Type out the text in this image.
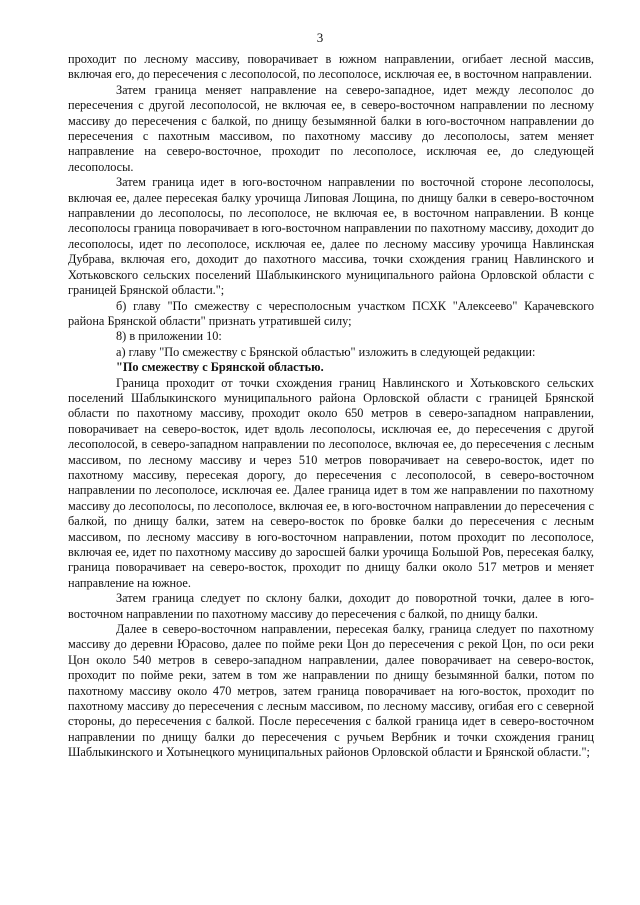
3

проходит по лесному массиву, поворачивает в южном направлении, огибает лесной массив, включая его, до пересечения с лесополосой, по лесополосе, исключая ее, в восточном направлении.

Затем граница меняет направление на северо-западное, идет между лесополос до пересечения с другой лесополосой, не включая ее, в северо-восточном направлении по лесному массиву до пересечения с балкой, по днищу безымянной балки в юго-восточном направлении до пересечения с пахотным массивом, по пахотному массиву до лесополосы, затем меняет направление на северо-восточное, проходит по лесополосе, исключая ее, до следующей лесополосы.

Затем граница идет в юго-восточном направлении по восточной стороне лесополосы, включая ее, далее пересекая балку урочища Липовая Лощина, по днищу балки в северо-восточном направлении до лесополосы, по лесополосе, не включая ее, в восточном направлении. В конце лесополосы граница поворачивает в юго-восточном направлении по пахотному массиву, доходит до лесополосы, идет по лесополосе, исключая ее, далее по лесному массиву урочища Навлинская Дубрава, включая его, доходит до пахотного массива, точки схождения границ Навлинского и Хотьковского сельских поселений Шаблыкинского муниципального района Орловской области с границей Брянской области.";

б) главу "По смежеству с чересполосным участком ПСХК "Алексеево" Карачевского района Брянской области" признать утратившей силу;

8) в приложении 10:

а) главу "По смежеству с Брянской областью" изложить в следующей редакции:

"По смежеству с Брянской областью.

Граница проходит от точки схождения границ Навлинского и Хотьковского сельских поселений Шаблыкинского муниципального района Орловской области с границей Брянской области по пахотному массиву, проходит около 650 метров в северо-западном направлении, поворачивает на северо-восток, идет вдоль лесополосы, исключая ее, до пересечения с другой лесополосой, в северо-западном направлении по лесополосе, включая ее, до пересечения с лесным массивом, по лесному массиву и через 510 метров поворачивает на северо-восток, идет по пахотному массиву, пересекая дорогу, до пересечения с лесополосой, в северо-восточном направлении по лесополосе, исключая ее. Далее граница идет в том же направлении по пахотному массиву до лесополосы, по лесополосе, включая ее, в юго-восточном направлении до пересечения с балкой, по днищу балки, затем на северо-восток по бровке балки до пересечения с лесным массивом, по лесному массиву в юго-восточном направлении, потом проходит по лесополосе, включая ее, идет по пахотному массиву до заросшей балки урочища Большой Ров, пересекая балку, граница поворачивает на северо-восток, проходит по днищу балки около 517 метров и меняет направление на южное.

Затем граница следует по склону балки, доходит до поворотной точки, далее в юго-восточном направлении по пахотному массиву до пересечения с балкой, по днищу балки.

Далее в северо-восточном направлении, пересекая балку, граница следует по пахотному массиву до деревни Юрасово, далее по пойме реки Цон до пересечения с рекой Цон, по оси реки Цон около 540 метров в северо-западном направлении, далее поворачивает на северо-восток, проходит по пойме реки, затем в том же направлении по днищу безымянной балки, потом по пахотному массиву около 470 метров, затем граница поворачивает на юго-восток, проходит по пахотному массиву до пересечения с лесным массивом, по лесному массиву, огибая его с северной стороны, до пересечения с балкой. После пересечения с балкой граница идет в северо-восточном направлении по днищу балки до пересечения с ручьем Вербник и точки схождения границ Шаблыкинского и Хотынецкого муниципальных районов Орловской области и Брянской области.";
